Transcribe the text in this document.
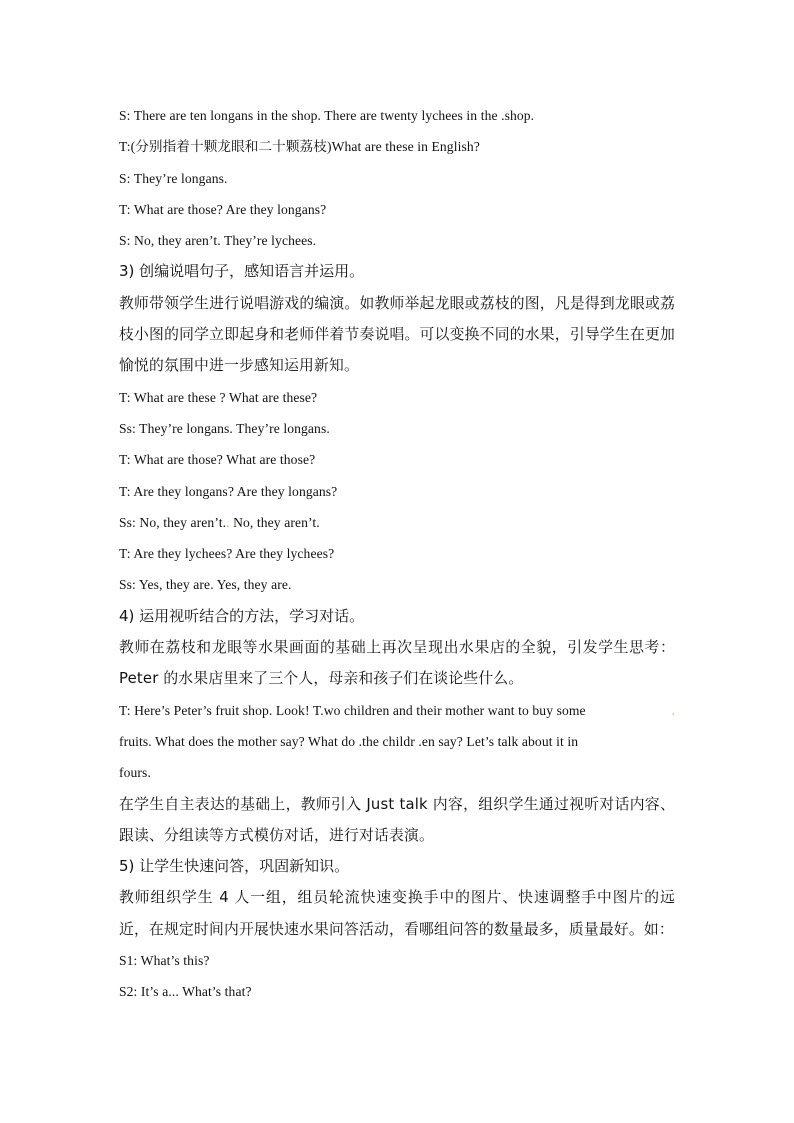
S: There are ten longans in the shop. There are twenty lychees in the .shop.
T:(分别指着十颗龙眼和二十颗荔枝)What are these in English?
S: They’re longans.
T: What are those? Are they longans?
S: No, they aren’t. They’re lychees.
3) 创编说唱句子，感知语言并运用。
教师带领学生进行说唱游戏的编演。如教师举起龙眼或荔枝的图，凡是得到龙眼或荔枝小图的同学立即起身和老师伴着节奏说唱。可以变换不同的水果，引导学生在更加愉悦的氛围中进一步感知运用新知。
T: What are these ? What are these?
Ss: They’re longans. They’re longans.
T: What are those? What are those?
T: Are they longans? Are they longans?
Ss: No, they aren’t.. No, they aren’t.
T: Are they lychees? Are they lychees?
Ss: Yes, they are. Yes, they are.
4) 运用视听结合的方法，学习对话。
教师在荔枝和龙眼等水果画面的基础上再次呈现出水果店的全貌，引发学生思考：Peter 的水果店里来了三个人，母亲和孩子们在谈论些什么。
T: Here’s Peter’s fruit shop. Look! T.wo children and their mother want to buy some	.
fruits. What does the mother say? What do .the childr .en say? Let’s talk about it in
fours.
在学生自主表达的基础上，教师引入 Just talk 内容，组织学生通过视听对话内容、跟读、分组读等方式模仿对话，进行对话表演。
5) 让学生快速问答，巩固新知识。
教师组织学生 4 人一组，组员轮流快速变换手中的图片、快速调整手中图片的远近，在规定时间内开展快速水果问答活动，看哪组问答的数量最多，质量最好。如：
S1: What’s this?
S2: It’s a... What’s that?
